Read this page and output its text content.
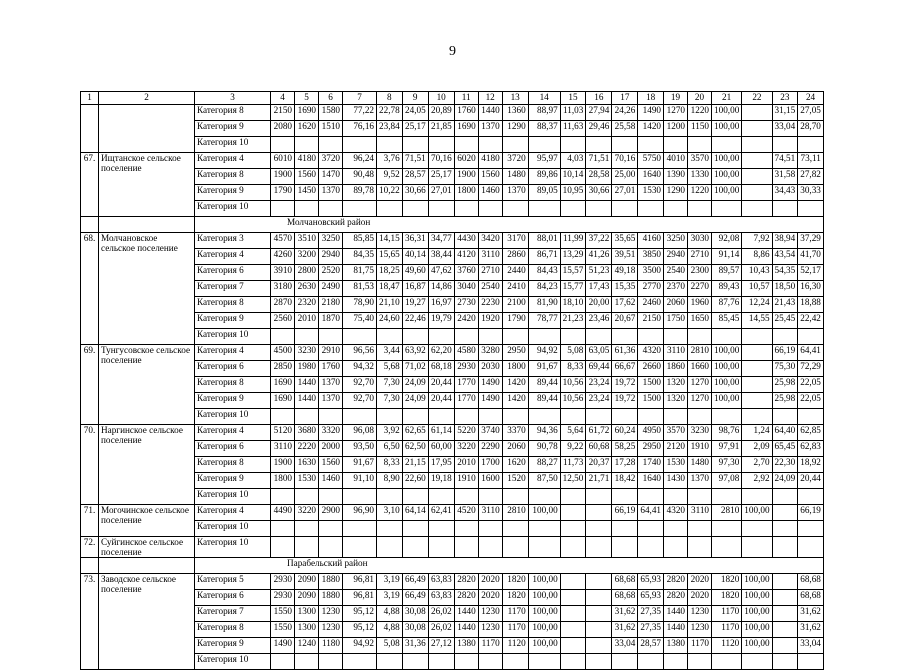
9
1	2	3	4	5	6	7	8	9	10	11	12	13	14	15	16	17	18	19	20	21	22	23	24
		Категория 8	2150	1690	1580	77,22	22,78	24,05	20,89	1760	1440	1360	88,97	11,03	27,94	24,26	1490	1270	1220	100,00		31,15	27,05
		Категория 9	2080	1620	1510	76,16	23,84	25,17	21,85	1690	1370	1290	88,37	11,63	29,46	25,58	1420	1200	1150	100,00		33,04	28,70
		Категория 10																					
67.	Ищтанское сельское поселение	Категория 4	6010	4180	3720	96,24	3,76	71,51	70,16	6020	4180	3720	95,97	4,03	71,51	70,16	5750	4010	3570	100,00		74,51	73,11
		Категория 8	1900	1560	1470	90,48	9,52	28,57	25,17	1900	1560	1480	89,86	10,14	28,58	25,00	1640	1390	1330	100,00		31,58	27,82
		Категория 9	1790	1450	1370	89,78	10,22	30,66	27,01	1800	1460	1370	89,05	10,95	30,66	27,01	1530	1290	1220	100,00		34,43	30,33
		Категория 10																					
		Молчановский район																					
68.	Молчановское сельское поселение	Категория 3	4570	3510	3250	85,85	14,15	36,31	34,77	4430	3420	3170	88,01	11,99	37,22	35,65	4160	3250	3030	92,08	7,92	38,94	37,29
		Категория 4	4260	3200	2940	84,35	15,65	40,14	38,44	4120	3110	2860	86,71	13,29	41,26	39,51	3850	2940	2710	91,14	8,86	43,54	41,70
		Категория 6	3910	2800	2520	81,75	18,25	49,60	47,62	3760	2710	2440	84,43	15,57	51,23	49,18	3500	2540	2300	89,57	10,43	54,35	52,17
		Категория 7	3180	2630	2490	81,53	18,47	16,87	14,86	3040	2540	2410	84,23	15,77	17,43	15,35	2770	2370	2270	89,43	10,57	18,50	16,30
		Категория 8	2870	2320	2180	78,90	21,10	19,27	16,97	2730	2230	2100	81,90	18,10	20,00	17,62	2460	2060	1960	87,76	12,24	21,43	18,88
		Категория 9	2560	2010	1870	75,40	24,60	22,46	19,79	2420	1920	1790	78,77	21,23	23,46	20,67	2150	1750	1650	85,45	14,55	25,45	22,42
		Категория 10																					
69.	Тунгусовское сельское поселение	Категория 4	4500	3230	2910	96,56	3,44	63,92	62,20	4580	3280	2950	94,92	5,08	63,05	61,36	4320	3110	2810	100,00		66,19	64,41
		Категория 6	2850	1980	1760	94,32	5,68	71,02	68,18	2930	2030	1800	91,67	8,33	69,44	66,67	2660	1860	1660	100,00		75,30	72,29
		Категория 8	1690	1440	1370	92,70	7,30	24,09	20,44	1770	1490	1420	89,44	10,56	23,24	19,72	1500	1320	1270	100,00		25,98	22,05
		Категория 9	1690	1440	1370	92,70	7,30	24,09	20,44	1770	1490	1420	89,44	10,56	23,24	19,72	1500	1320	1270	100,00		25,98	22,05
		Категория 10																					
70.	Наргинское сельское поселение	Категория 4	5120	3680	3320	96,08	3,92	62,65	61,14	5220	3740	3370	94,36	5,64	61,72	60,24	4950	3570	3230	98,76	1,24	64,40	62,85
		Категория 6	3110	2220	2000	93,50	6,50	62,50	60,00	3220	2290	2060	90,78	9,22	60,68	58,25	2950	2120	1910	97,91	2,09	65,45	62,83
		Категория 8	1900	1630	1560	91,67	8,33	21,15	17,95	2010	1700	1620	88,27	11,73	20,37	17,28	1740	1530	1480	97,30	2,70	22,30	18,92
		Категория 9	1800	1530	1460	91,10	8,90	22,60	19,18	1910	1600	1520	87,50	12,50	21,71	18,42	1640	1430	1370	97,08	2,92	24,09	20,44
		Категория 10																					
71.	Могочинское сельское поселение	Категория 4	4490	3220	2900	96,90	3,10	64,14	62,41	4520	3110	2810	100,00			66,19	64,41	4320	3110	2810	100,00		66,19
		Категория 10																					
72.	Суйгинское сельское поселение	Категория 10																					
		Парабельский район																					
73.	Заводское сельское поселение	Категория 5	2930	2090	1880	96,81	3,19	66,49	63,83	2820	2020	1820	100,00			68,68	65,93	2820	2020	1820	100,00		68,68
		Категория 6	2930	2090	1880	96,81	3,19	66,49	63,83	2820	2020	1820	100,00			68,68	65,93	2820	2020	1820	100,00		68,68
		Категория 7	1550	1300	1230	95,12	4,88	30,08	26,02	1440	1230	1170	100,00			31,62	27,35	1440	1230	1170	100,00		31,62
		Категория 8	1550	1300	1230	95,12	4,88	30,08	26,02	1440	1230	1170	100,00			31,62	27,35	1440	1230	1170	100,00		31,62
		Категория 9	1490	1240	1180	94,92	5,08	31,36	27,12	1380	1170	1120	100,00			33,04	28,57	1380	1170	1120	100,00		33,04
		Категория 10																					
